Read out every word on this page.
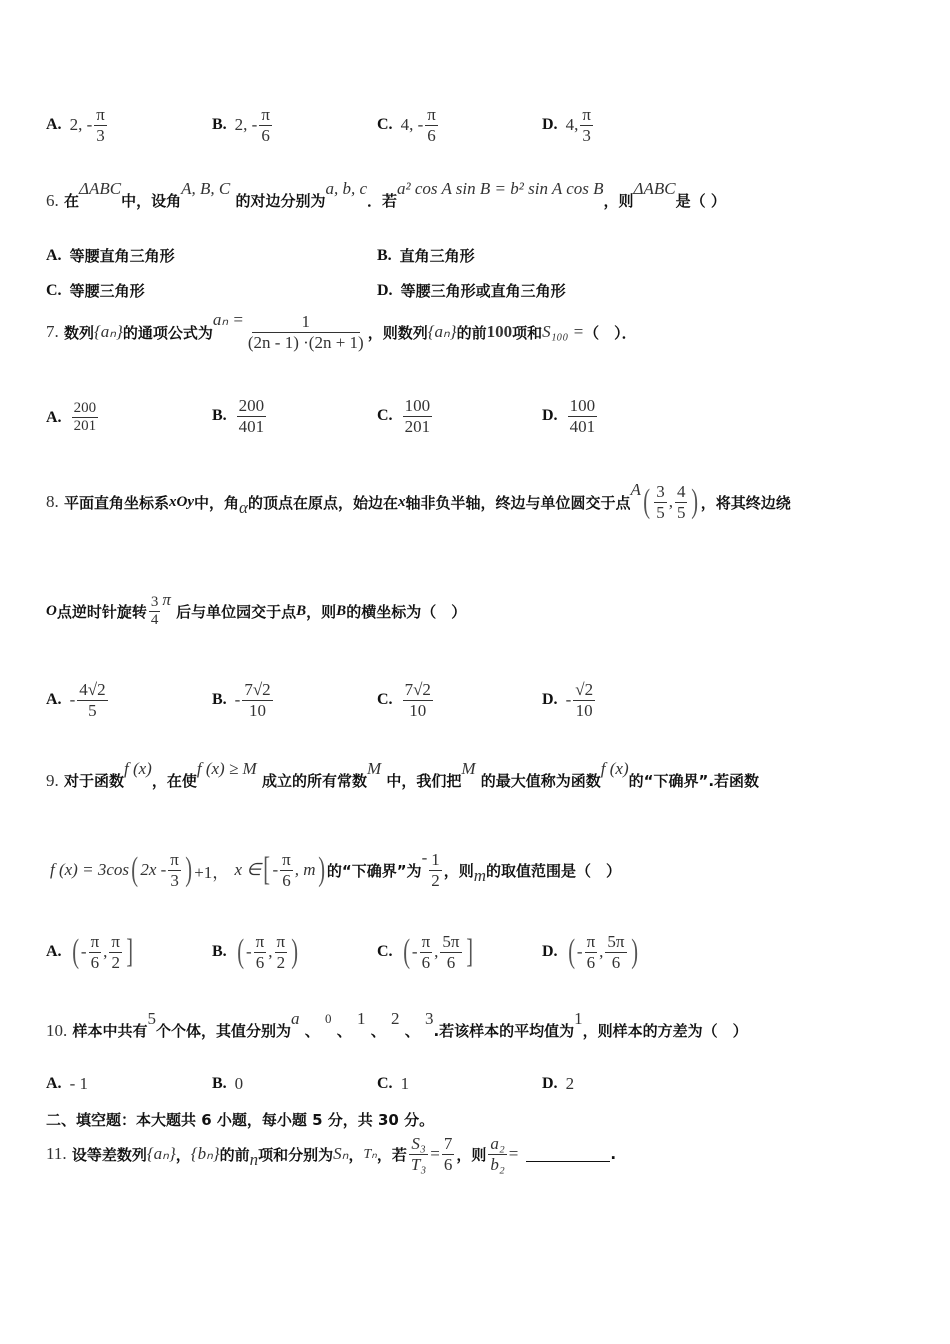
A. 2, - $\frac{\pi}{3}$	B. 2, - $\frac{\pi}{6}$	C. 4, - $\frac{\pi}{6}$	D. 4, $\frac{\pi}{3}$
6.
在
ΔABC
中，设角
A, B, C

的对边分别为
a, b, c
．若
a² cos A sin B = b² sin A cos B
，则
ΔABC
是（ ）
A. 等腰直角三角形	B. 直角三角形
C. 等腰三角形	D. 等腰三角形或直角三角形
7.
数列 {aₙ} 的通项公式为
$a_n = \frac{1}{(2n - 1) \cdot(2n + 1)}$ ，则数列 {aₙ} 的前 100 项和 S₁₀₀ = （　）．
A. $\frac{200}{201}$	B. $\frac{200}{401}$	C. $\frac{100}{201}$	D. $\frac{100}{401}$
8.
平面直角坐标系 xOy 中，角 α 的顶点在原点，始边在 x 轴非负半轴，终边与单位圆交于点
A ( $\frac{3}{5}$ , $\frac{4}{5}$ ) ，将其终边绕
O 点逆时针旋转 $\frac{3}{4}$ π

后与单位园交于点 B ，则 B 的横坐标为（　）
A. - $\frac{4√2}{5}$	B. - $\frac{7√2}{10}$	C. $\frac{7√2}{10}$	D. - $\frac{√2}{10}$
9.
对于函数
f (x)
，在使
f (x) ≥ M

成立的所有常数
M

中，我们把
M

的最大值称为函数
f (x)
的“下确界”.若函数
f (x) = 3cos ( $2x - \frac{\pi}{3}$ ) +1，
x ∈ [ - $\frac{\pi}{6}$ , m ) 的“下确界”为
- $\frac{1}{2}$ ，则 m 的取值范围是（　）
A. ( - $\frac{\pi}{6}$ , $\frac{\pi}{2}$ ]	B. ( - $\frac{\pi}{6}$ , $\frac{\pi}{2}$ )	C. ( - $\frac{\pi}{6}$ , $\frac{5\pi}{6}$ ]	D. ( - $\frac{\pi}{6}$ , $\frac{5\pi}{6}$ )
10.
样本中共有
5
个个体，其值分别为
a

、

0

、

1

、

2

、

3
.若该样本的平均值为
1
，则样本的方差为（　）
A. - 1	B. 0	C. 1	D. 2
二、填空题：本大题共 6 小题，每小题 5 分，共 30 分。
11.
设等差数列 {aₙ} ， {bₙ} 的前 n 项和分别为 Sₙ ， Tₙ ，若 $\frac{\text{S₃}}{\text{T₃}} = \frac{7}{6}$ ，则 $\frac{\text{a₂}}{\text{b₂}}$ =	.
